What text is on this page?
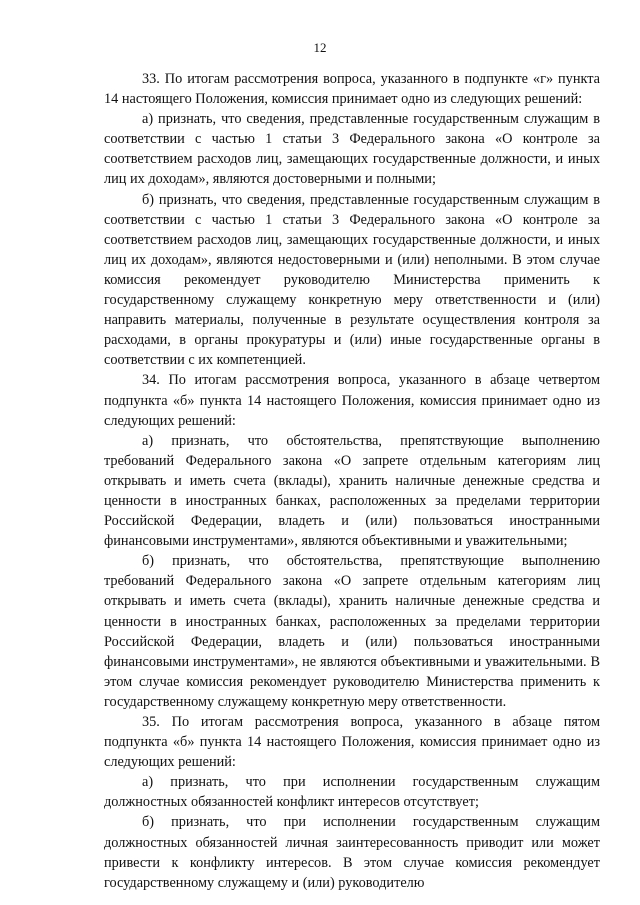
12

33. По итогам рассмотрения вопроса, указанного в подпункте «г» пункта 14 настоящего Положения, комиссия принимает одно из следующих решений:

а) признать, что сведения, представленные государственным служащим в соответствии с частью 1 статьи 3 Федерального закона «О контроле за соответствием расходов лиц, замещающих государственные должности, и иных лиц их доходам», являются достоверными и полными;

б) признать, что сведения, представленные государственным служащим в соответствии с частью 1 статьи 3 Федерального закона «О контроле за соответствием расходов лиц, замещающих государственные должности, и иных лиц их доходам», являются недостоверными и (или) неполными. В этом случае комиссия рекомендует руководителю Министерства применить к государственному служащему конкретную меру ответственности и (или) направить материалы, полученные в результате осуществления контроля за расходами, в органы прокуратуры и (или) иные государственные органы в соответствии с их компетенцией.

34. По итогам рассмотрения вопроса, указанного в абзаце четвертом подпункта «б» пункта 14 настоящего Положения, комиссия принимает одно из следующих решений:

а) признать, что обстоятельства, препятствующие выполнению требований Федерального закона «О запрете отдельным категориям лиц открывать и иметь счета (вклады), хранить наличные денежные средства и ценности в иностранных банках, расположенных за пределами территории Российской Федерации, владеть и (или) пользоваться иностранными финансовыми инструментами», являются объективными и уважительными;

б) признать, что обстоятельства, препятствующие выполнению требований Федерального закона «О запрете отдельным категориям лиц открывать и иметь счета (вклады), хранить наличные денежные средства и ценности в иностранных банках, расположенных за пределами территории Российской Федерации, владеть и (или) пользоваться иностранными финансовыми инструментами», не являются объективными и уважительными. В этом случае комиссия рекомендует руководителю Министерства применить к государственному служащему конкретную меру ответственности.

35. По итогам рассмотрения вопроса, указанного в абзаце пятом подпункта «б» пункта 14 настоящего Положения, комиссия принимает одно из следующих решений:

а) признать, что при исполнении государственным служащим должностных обязанностей конфликт интересов отсутствует;

б) признать, что при исполнении государственным служащим должностных обязанностей личная заинтересованность приводит или может привести к конфликту интересов. В этом случае комиссия рекомендует государственному служащему и (или) руководителю
